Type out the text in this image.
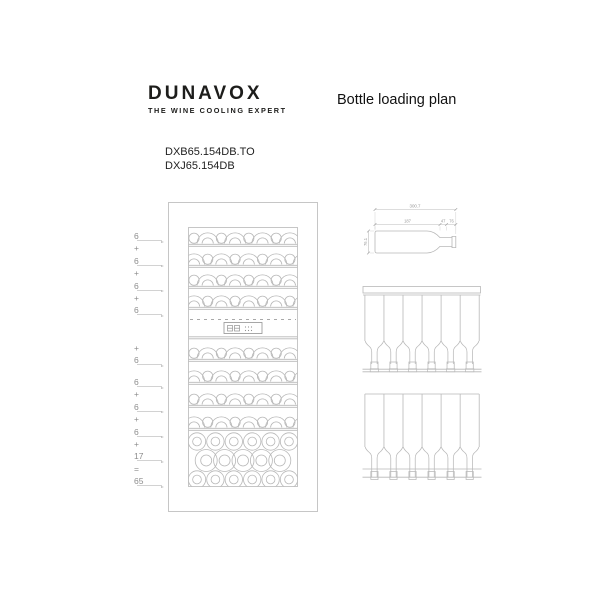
DUNAVOX
THE WINE COOLING EXPERT
Bottle loading plan
DXB65.154DB.TO
DXJ65.154DB
6
+
6
+
6
+
6
+
6
6
+
6
+
6
+
17
=
65
300.7
187	47 76
76.1
